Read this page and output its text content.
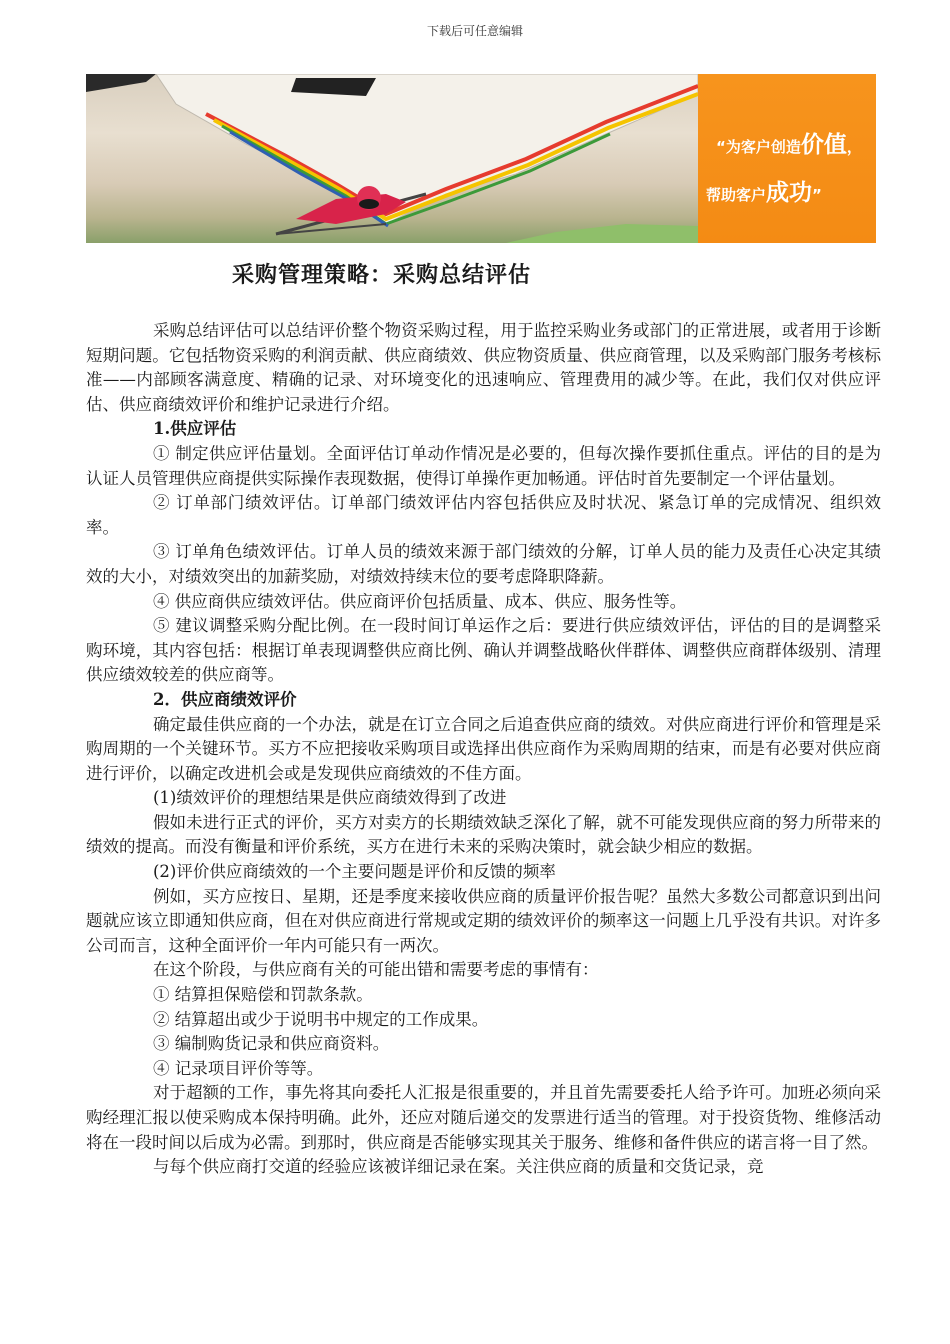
下载后可任意编辑
“为客户创造价值，
帮助客户成功”
采购管理策略：采购总结评估

采购总结评估可以总结评价整个物资采购过程，用于监控采购业务或部门的正常进展，或者用于诊断短期问题。它包括物资采购的利润贡献、供应商绩效、供应物资质量、供应商管理，以及采购部门服务考核标准——内部顾客满意度、精确的记录、对环境变化的迅速响应、管理费用的减少等。在此，我们仅对供应评估、供应商绩效评价和维护记录进行介绍。

1.供应评估

① 制定供应评估量划。全面评估订单动作情况是必要的，但每次操作要抓住重点。评估的目的是为认证人员管理供应商提供实际操作表现数据，使得订单操作更加畅通。评估时首先要制定一个评估量划。

② 订单部门绩效评估。订单部门绩效评估内容包括供应及时状况、紧急订单的完成情况、组织效率。

③ 订单角色绩效评估。订单人员的绩效来源于部门绩效的分解，订单人员的能力及责任心决定其绩效的大小，对绩效突出的加薪奖励，对绩效持续末位的要考虑降职降薪。

④ 供应商供应绩效评估。供应商评价包括质量、成本、供应、服务性等。

⑤ 建议调整采购分配比例。在一段时间订单运作之后：要进行供应绩效评估，评估的目的是调整采购环境，其内容包括：根据订单表现调整供应商比例、确认并调整战略伙伴群体、调整供应商群体级别、清理供应绩效较差的供应商等。

2．供应商绩效评价

确定最佳供应商的一个办法，就是在订立合同之后追查供应商的绩效。对供应商进行评价和管理是采购周期的一个关键环节。买方不应把接收采购项目或选择出供应商作为采购周期的结束，而是有必要对供应商进行评价，以确定改进机会或是发现供应商绩效的不佳方面。

(1)绩效评价的理想结果是供应商绩效得到了改进

假如未进行正式的评价，买方对卖方的长期绩效缺乏深化了解，就不可能发现供应商的努力所带来的绩效的提高。而没有衡量和评价系统，买方在进行未来的采购决策时，就会缺少相应的数据。

(2)评价供应商绩效的一个主要问题是评价和反馈的频率

例如，买方应按日、星期，还是季度来接收供应商的质量评价报告呢？虽然大多数公司都意识到出问题就应该立即通知供应商，但在对供应商进行常规或定期的绩效评价的频率这一问题上几乎没有共识。对许多公司而言，这种全面评价一年内可能只有一两次。

在这个阶段，与供应商有关的可能出错和需要考虑的事情有：

① 结算担保赔偿和罚款条款。

② 结算超出或少于说明书中规定的工作成果。

③ 编制购货记录和供应商资料。

④ 记录项目评价等等。

对于超额的工作，事先将其向委托人汇报是很重要的，并且首先需要委托人给予许可。加班必须向采购经理汇报以使采购成本保持明确。此外，还应对随后递交的发票进行适当的管理。对于投资货物、维修活动将在一段时间以后成为必需。到那时，供应商是否能够实现其关于服务、维修和备件供应的诺言将一目了然。

与每个供应商打交道的经验应该被详细记录在案。关注供应商的质量和交货记录，竞
